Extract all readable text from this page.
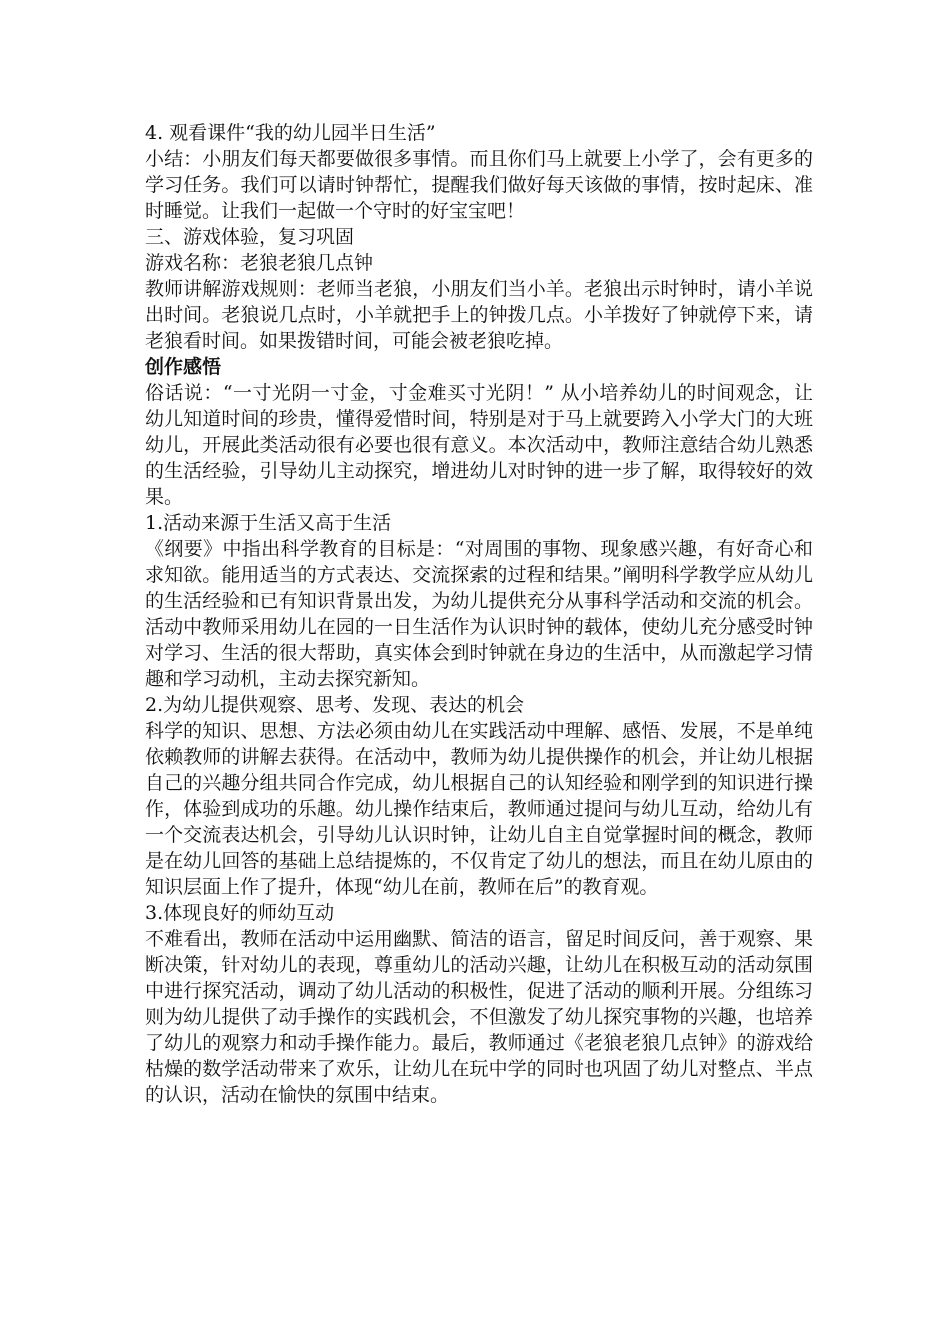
4. 观看课件“我的幼儿园半日生活”

小结：小朋友们每天都要做很多事情。而且你们马上就要上小学了，会有更多的学习任务。我们可以请时钟帮忙，提醒我们做好每天该做的事情，按时起床、准时睡觉。让我们一起做一个守时的好宝宝吧！

三、游戏体验，复习巩固

游戏名称：老狼老狼几点钟

教师讲解游戏规则：老师当老狼，小朋友们当小羊。老狼出示时钟时，请小羊说出时间。老狼说几点时，小羊就把手上的钟拨几点。小羊拨好了钟就停下来，请老狼看时间。如果拨错时间，可能会被老狼吃掉。

创作感悟

俗话说：“一寸光阴一寸金，寸金难买寸光阴！” 从小培养幼儿的时间观念，让幼儿知道时间的珍贵，懂得爱惜时间，特别是对于马上就要跨入小学大门的大班幼儿，开展此类活动很有必要也很有意义。本次活动中，教师注意结合幼儿熟悉的生活经验，引导幼儿主动探究，增进幼儿对时钟的进一步了解，取得较好的效果。

1.活动来源于生活又高于生活

《纲要》中指出科学教育的目标是：“对周围的事物、现象感兴趣，有好奇心和求知欲。能用适当的方式表达、交流探索的过程和结果。”阐明科学教学应从幼儿的生活经验和已有知识背景出发，为幼儿提供充分从事科学活动和交流的机会。活动中教师采用幼儿在园的一日生活作为认识时钟的载体，使幼儿充分感受时钟对学习、生活的很大帮助，真实体会到时钟就在身边的生活中，从而激起学习情趣和学习动机，主动去探究新知。

2.为幼儿提供观察、思考、发现、表达的机会

科学的知识、思想、方法必须由幼儿在实践活动中理解、感悟、发展，不是单纯依赖教师的讲解去获得。在活动中，教师为幼儿提供操作的机会，并让幼儿根据自己的兴趣分组共同合作完成，幼儿根据自己的认知经验和刚学到的知识进行操作，体验到成功的乐趣。幼儿操作结束后，教师通过提问与幼儿互动，给幼儿有一个交流表达机会，引导幼儿认识时钟，让幼儿自主自觉掌握时间的概念，教师是在幼儿回答的基础上总结提炼的，不仅肯定了幼儿的想法，而且在幼儿原由的知识层面上作了提升，体现“幼儿在前，教师在后”的教育观。

3.体现良好的师幼互动

不难看出，教师在活动中运用幽默、简洁的语言，留足时间反问，善于观察、果断决策，针对幼儿的表现，尊重幼儿的活动兴趣，让幼儿在积极互动的活动氛围中进行探究活动，调动了幼儿活动的积极性，促进了活动的顺利开展。分组练习则为幼儿提供了动手操作的实践机会，不但激发了幼儿探究事物的兴趣，也培养了幼儿的观察力和动手操作能力。最后，教师通过《老狼老狼几点钟》的游戏给枯燥的数学活动带来了欢乐，让幼儿在玩中学的同时也巩固了幼儿对整点、半点的认识，活动在愉快的氛围中结束。
